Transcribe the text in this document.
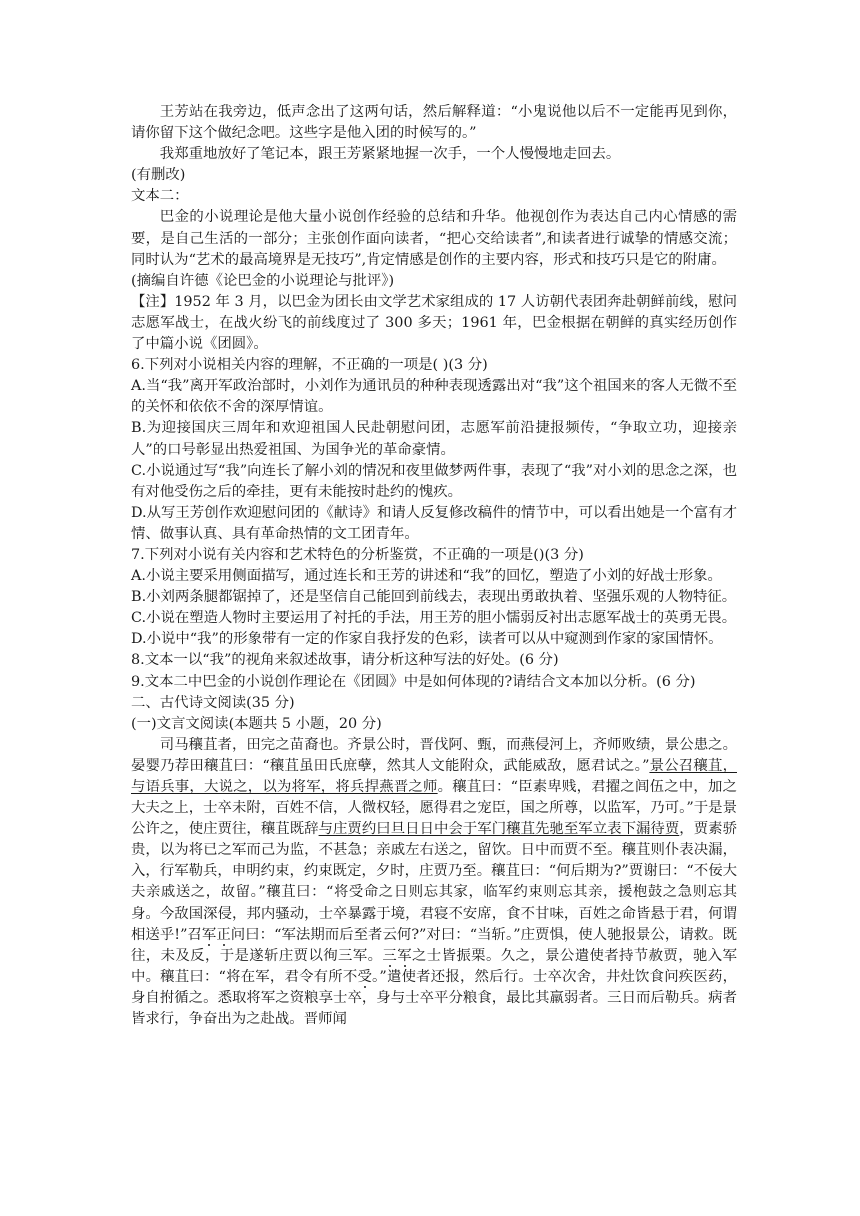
王芳站在我旁边，低声念出了这两句话，然后解释道：“小鬼说他以后不一定能再见到你，请你留下这个做纪念吧。这些字是他入团的时候写的。”

我郑重地放好了笔记本，跟王芳紧紧地握一次手，一个人慢慢地走回去。

(有删改)

文本二：

巴金的小说理论是他大量小说创作经验的总结和升华。他视创作为表达自己内心情感的需要，是自己生活的一部分；主张创作面向读者，“把心交给读者”,和读者进行诚挚的情感交流；同时认为“艺术的最高境界是无技巧”,肯定情感是创作的主要内容，形式和技巧只是它的附庸。

(摘编自许德《论巴金的小说理论与批评》)

【注】1952 年 3 月，以巴金为团长由文学艺术家组成的 17 人访朝代表团奔赴朝鲜前线，慰问志愿军战士，在战火纷飞的前线度过了 300 多天；1961 年，巴金根据在朝鲜的真实经历创作了中篇小说《团圆》。

6.下列对小说相关内容的理解，不正确的一项是( )(3 分)

A.当“我”离开军政治部时，小刘作为通讯员的种种表现透露出对“我”这个祖国来的客人无微不至的关怀和依依不舍的深厚情谊。

B.为迎接国庆三周年和欢迎祖国人民赴朝慰问团，志愿军前沿捷报频传，“争取立功，迎接亲人”的口号彰显出热爱祖国、为国争光的革命豪情。

C.小说通过写“我”向连长了解小刘的情况和夜里做梦两件事，表现了“我”对小刘的思念之深，也有对他受伤之后的牵挂，更有未能按时赴约的愧疚。

D.从写王芳创作欢迎慰问团的《献诗》和请人反复修改稿件的情节中，可以看出她是一个富有才情、做事认真、具有革命热情的文工团青年。

7.下列对小说有关内容和艺术特色的分析鉴赏，不正确的一项是()(3 分)

A.小说主要采用侧面描写，通过连长和王芳的讲述和“我”的回忆，塑造了小刘的好战士形象。

B.小刘两条腿都锯掉了，还是坚信自己能回到前线去，表现出勇敢执着、坚强乐观的人物特征。

C.小说在塑造人物时主要运用了衬托的手法，用王芳的胆小懦弱反衬出志愿军战士的英勇无畏。

D.小说中“我”的形象带有一定的作家自我抒发的色彩，读者可以从中窥测到作家的家国情怀。

8.文本一以“我”的视角来叙述故事，请分析这种写法的好处。(6 分)

9.文本二中巴金的小说创作理论在《团圆》中是如何体现的?请结合文本加以分析。(6 分)

二、古代诗文阅读(35 分)

(一)文言文阅读(本题共 5 小题，20 分)

司马穰苴者，田完之苗裔也。齐景公时，晋伐阿、甄，而燕侵河上，齐师败绩，景公患之。晏婴乃荐田穰苴曰：“穰苴虽田氏庶孽，然其人文能附众，武能威敌，愿君试之。”景公召穰苴，与语兵事，大说之，以为将军，将兵捍燕晋之师。穰苴曰：“臣素卑贱，君擢之闾伍之中，加之大夫之上，士卒未附，百姓不信，人微权轻，愿得君之宠臣，国之所尊，以监军，乃可。”于是景公许之，使庄贾往，穰苴既辞与庄贾约曰旦日日中会于军门穰苴先驰至军立表下漏待贾，贾素骄贵，以为将已之军而己为监，不甚急；亲戚左右送之，留饮。日中而贾不至。穰苴则仆表决漏，入，行军勒兵，申明约束，约束既定，夕时，庄贾乃至。穰苴曰：“何后期为?”贾谢曰：“不佞大夫亲戚送之，故留。”穰苴曰：“将受命之日则忘其家，临军约束则忘其亲，援枹鼓之急则忘其身。今敌国深侵，邦内骚动，士卒暴露于境，君寝不安席，食不甘味，百姓之命皆悬于君，何谓相送乎!”召军正问曰：“军法期而后至者云何?”对曰：“当斩。”庄贾惧，使人驰报景公，请救。既往，未及反，于是遂斩庄贾以徇三军。三军之士皆振栗。久之，景公遣使者持节赦贾，驰入军中。穰苴曰：“将在军，君令有所不受。”遣使者还报，然后行。士卒次舍，井灶饮食问疾医药，身自拊循之。悉取将军之资粮享士卒，身与士卒平分粮食，最比其羸弱者。三日而后勒兵。病者皆求行，争奋出为之赴战。晋师闻
